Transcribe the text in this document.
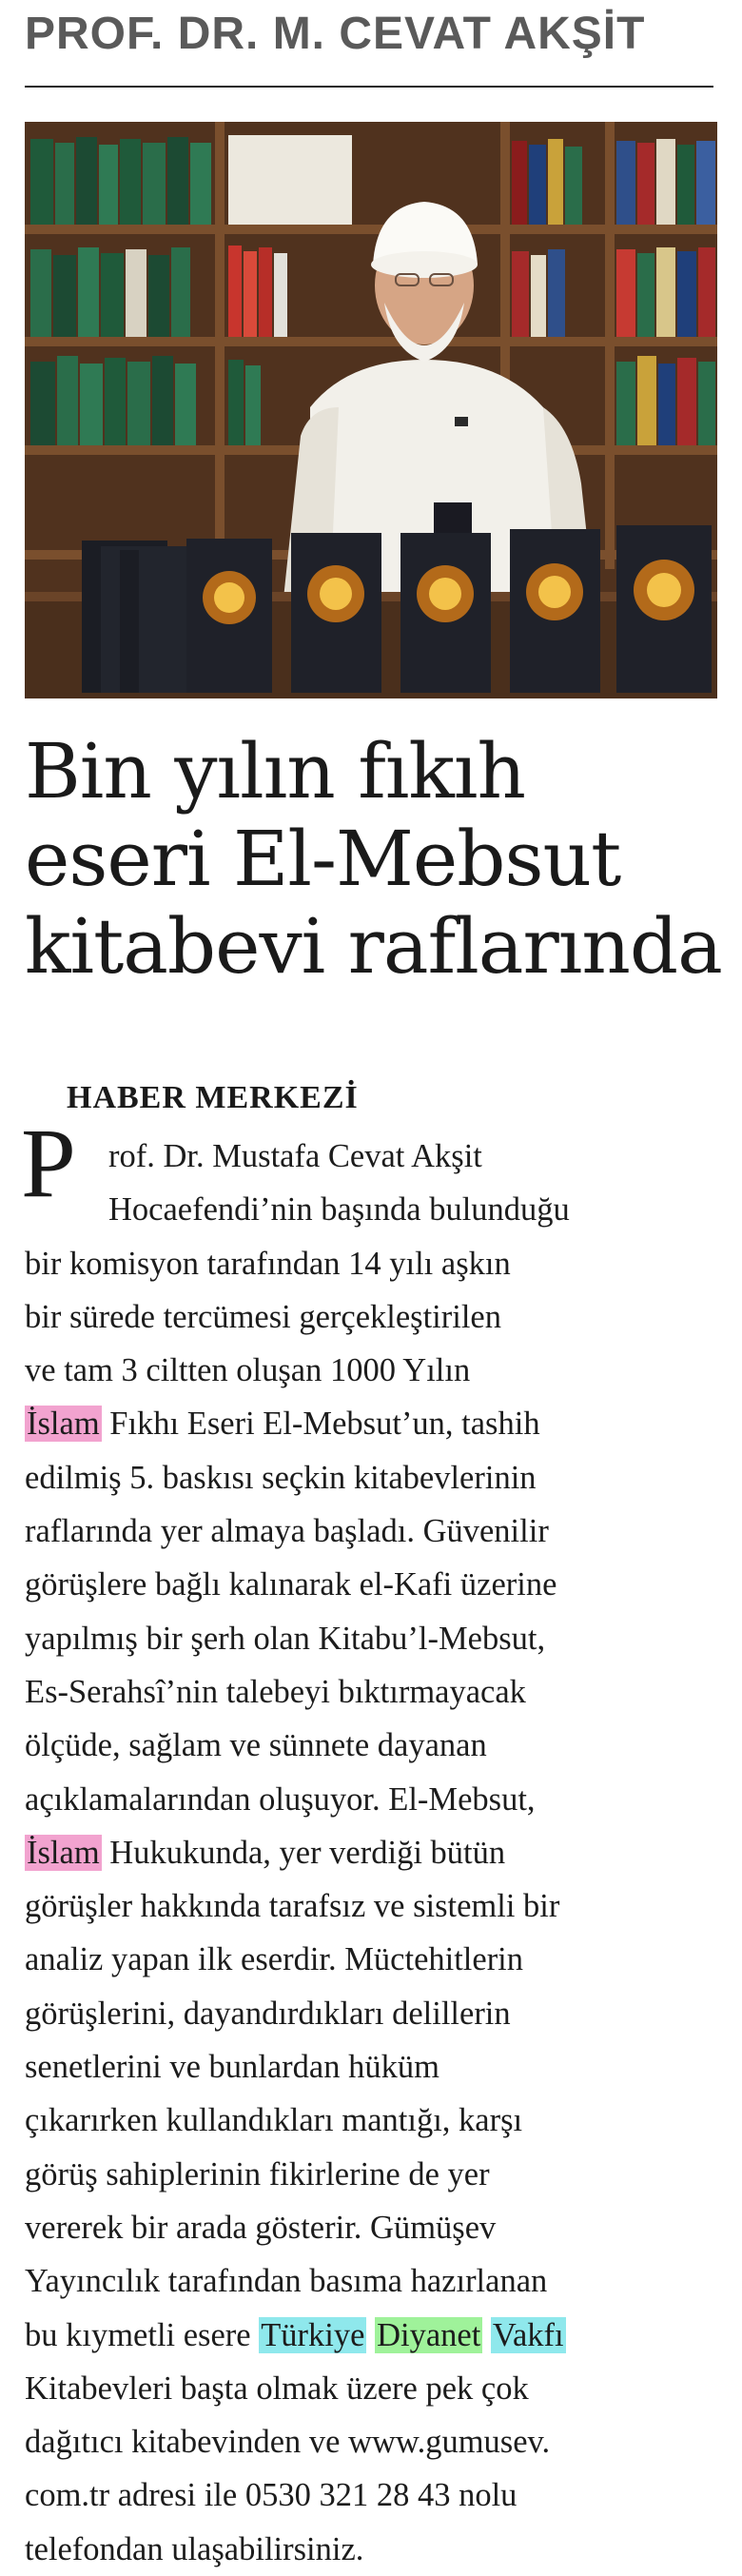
PROF. DR. M. CEVAT AKŞİT
Bin yılın fıkıh
eseri El-Mebsut
kitabevi raflarında
HABER MERKEZİ
P rof. Dr. Mustafa Cevat Akşit
Hocaefendi’nin başında bulunduğu
bir komisyon tarafından 14 yılı aşkın
bir sürede tercümesi gerçekleştirilen
ve tam 3 ciltten oluşan 1000 Yılın
İslam Fıkhı Eseri El-Mebsut’un, tashih
edilmiş 5. baskısı seçkin kitabevlerinin
raflarında yer almaya başladı. Güvenilir
görüşlere bağlı kalınarak el-Kafi üzerine
yapılmış bir şerh olan Kitabu’l-Mebsut,
Es-Serahsî’nin talebeyi bıktırmayacak
ölçüde, sağlam ve sünnete dayanan
açıklamalarından oluşuyor. El-Mebsut,
İslam Hukukunda, yer verdiği bütün
görüşler hakkında tarafsız ve sistemli bir
analiz yapan ilk eserdir. Müctehitlerin
görüşlerini, dayandırdıkları delillerin
senetlerini ve bunlardan hüküm
çıkarırken kullandıkları mantığı, karşı
görüş sahiplerinin fikirlerine de yer
vererek bir arada gösterir. Gümüşev
Yayıncılık tarafından basıma hazırlanan
bu kıymetli esere Türkiye Diyanet Vakfı
Kitabevleri başta olmak üzere pek çok
dağıtıcı kitabevinden ve www.gumusev.
com.tr adresi ile 0530 321 28 43 nolu
telefondan ulaşabilirsiniz.
